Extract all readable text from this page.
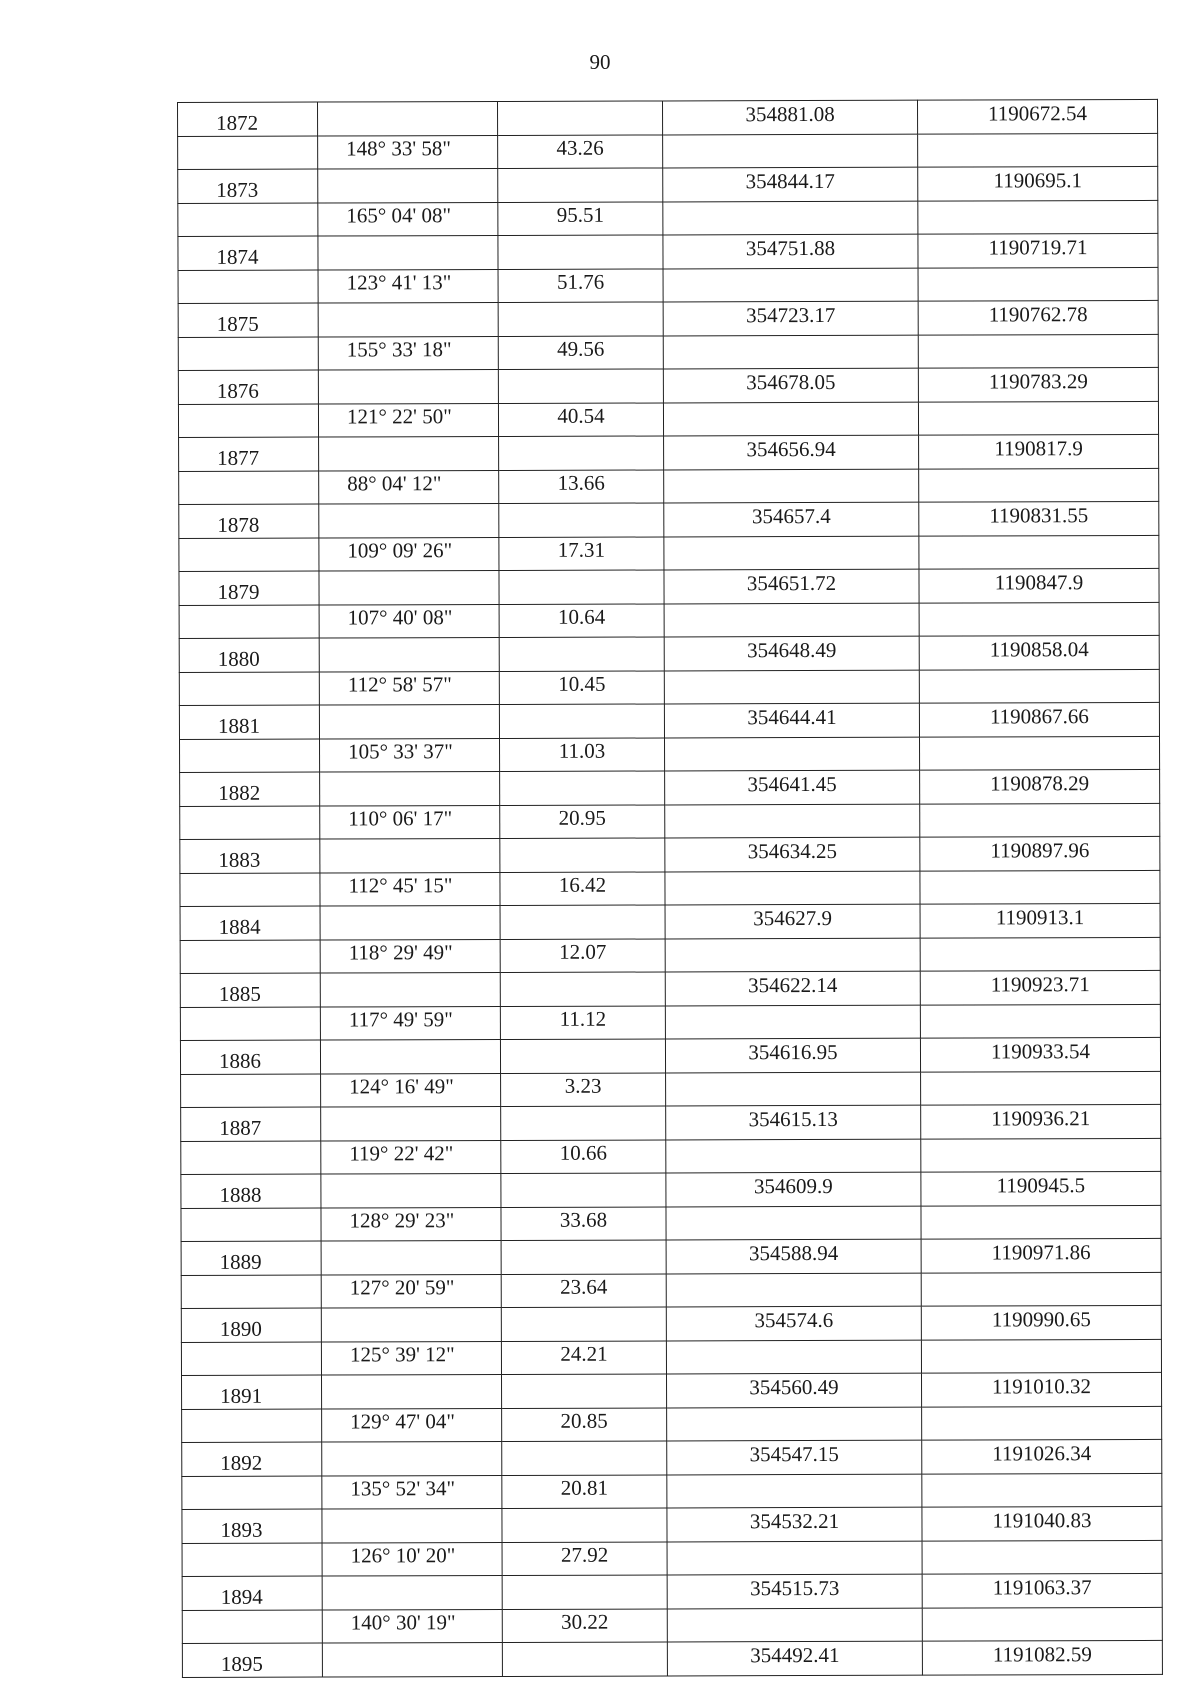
90
1872			354881.08	1190672.54
	148° 33' 58"	43.26		
1873			354844.17	1190695.1
	165° 04' 08"	95.51		
1874			354751.88	1190719.71
	123° 41' 13"	51.76		
1875			354723.17	1190762.78
	155° 33' 18"	49.56		
1876			354678.05	1190783.29
	121° 22' 50"	40.54		
1877			354656.94	1190817.9
	88° 04' 12"	13.66		
1878			354657.4	1190831.55
	109° 09' 26"	17.31		
1879			354651.72	1190847.9
	107° 40' 08"	10.64		
1880			354648.49	1190858.04
	112° 58' 57"	10.45		
1881			354644.41	1190867.66
	105° 33' 37"	11.03		
1882			354641.45	1190878.29
	110° 06' 17"	20.95		
1883			354634.25	1190897.96
	112° 45' 15"	16.42		
1884			354627.9	1190913.1
	118° 29' 49"	12.07		
1885			354622.14	1190923.71
	117° 49' 59"	11.12		
1886			354616.95	1190933.54
	124° 16' 49"	3.23		
1887			354615.13	1190936.21
	119° 22' 42"	10.66		
1888			354609.9	1190945.5
	128° 29' 23"	33.68		
1889			354588.94	1190971.86
	127° 20' 59"	23.64		
1890			354574.6	1190990.65
	125° 39' 12"	24.21		
1891			354560.49	1191010.32
	129° 47' 04"	20.85		
1892			354547.15	1191026.34
	135° 52' 34"	20.81		
1893			354532.21	1191040.83
	126° 10' 20"	27.92		
1894			354515.73	1191063.37
	140° 30' 19"	30.22		
1895			354492.41	1191082.59
